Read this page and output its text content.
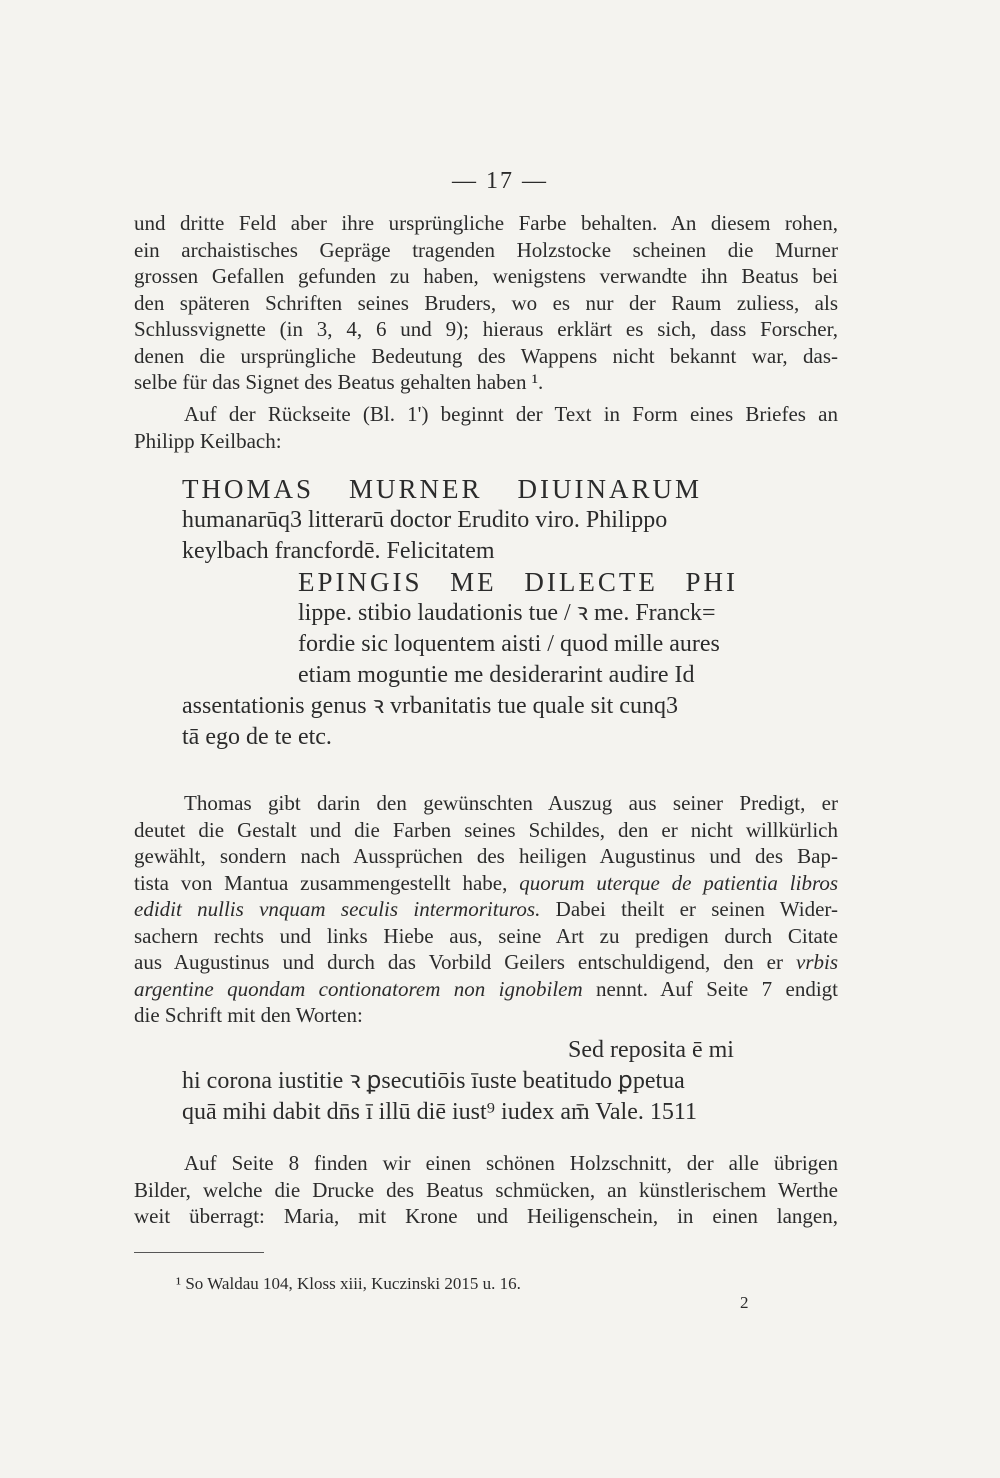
— 17 —
und dritte Feld aber ihre ursprüngliche Farbe behalten. An diesem rohen,
ein archaistisches Gepräge tragenden Holzstocke scheinen die Murner
grossen Gefallen gefunden zu haben, wenigstens verwandte ihn Beatus bei
den späteren Schriften seines Bruders, wo es nur der Raum zuliess, als
Schlussvignette (in 3, 4, 6 und 9); hieraus erklärt es sich, dass Forscher,
denen die ursprüngliche Bedeutung des Wappens nicht bekannt war, das-
selbe für das Signet des Beatus gehalten haben ¹.
Auf der Rückseite (Bl. 1') beginnt der Text in Form eines Briefes an
Philipp Keilbach:
THOMAS MURNER DIUINARUM
humanarūq3 litterarū doctor Erudito viro. Philippo
keylbach francfordē. Felicitatem
EPINGIS ME DILECTE PHI
lippe. stibio laudationis tue / ꝛ me. Franck=
fordie sic loquentem aisti / quod mille aures
etiam moguntie me desiderarint audire Id
assentationis genus ꝛ vrbanitatis tue quale sit cunq3
tā ego de te etc.
Thomas gibt darin den gewünschten Auszug aus seiner Predigt, er
deutet die Gestalt und die Farben seines Schildes, den er nicht willkürlich
gewählt, sondern nach Aussprüchen des heiligen Augustinus und des Bap-
tista von Mantua zusammengestellt habe, quorum uterque de patientia libros
edidit nullis vnquam seculis intermorituros. Dabei theilt er seinen Wider-
sachern rechts und links Hiebe aus, seine Art zu predigen durch Citate
aus Augustinus und durch das Vorbild Geilers entschuldigend, den er vrbis
argentine quondam contionatorem non ignobilem nennt. Auf Seite 7 endigt
die Schrift mit den Worten:
Sed reposita ē mi
hi corona iustitie ꝛ ꝑsecutiōis īuste beatitudo ꝑpetua
quā mihi dabit dn̄s ī illū diē iust⁹ iudex am̄ Vale. 1511
Auf Seite 8 finden wir einen schönen Holzschnitt, der alle übrigen
Bilder, welche die Drucke des Beatus schmücken, an künstlerischem Werthe
weit überragt: Maria, mit Krone und Heiligenschein, in einen langen,
¹ So Waldau 104, Kloss xiii, Kuczinski 2015 u. 16.
2
